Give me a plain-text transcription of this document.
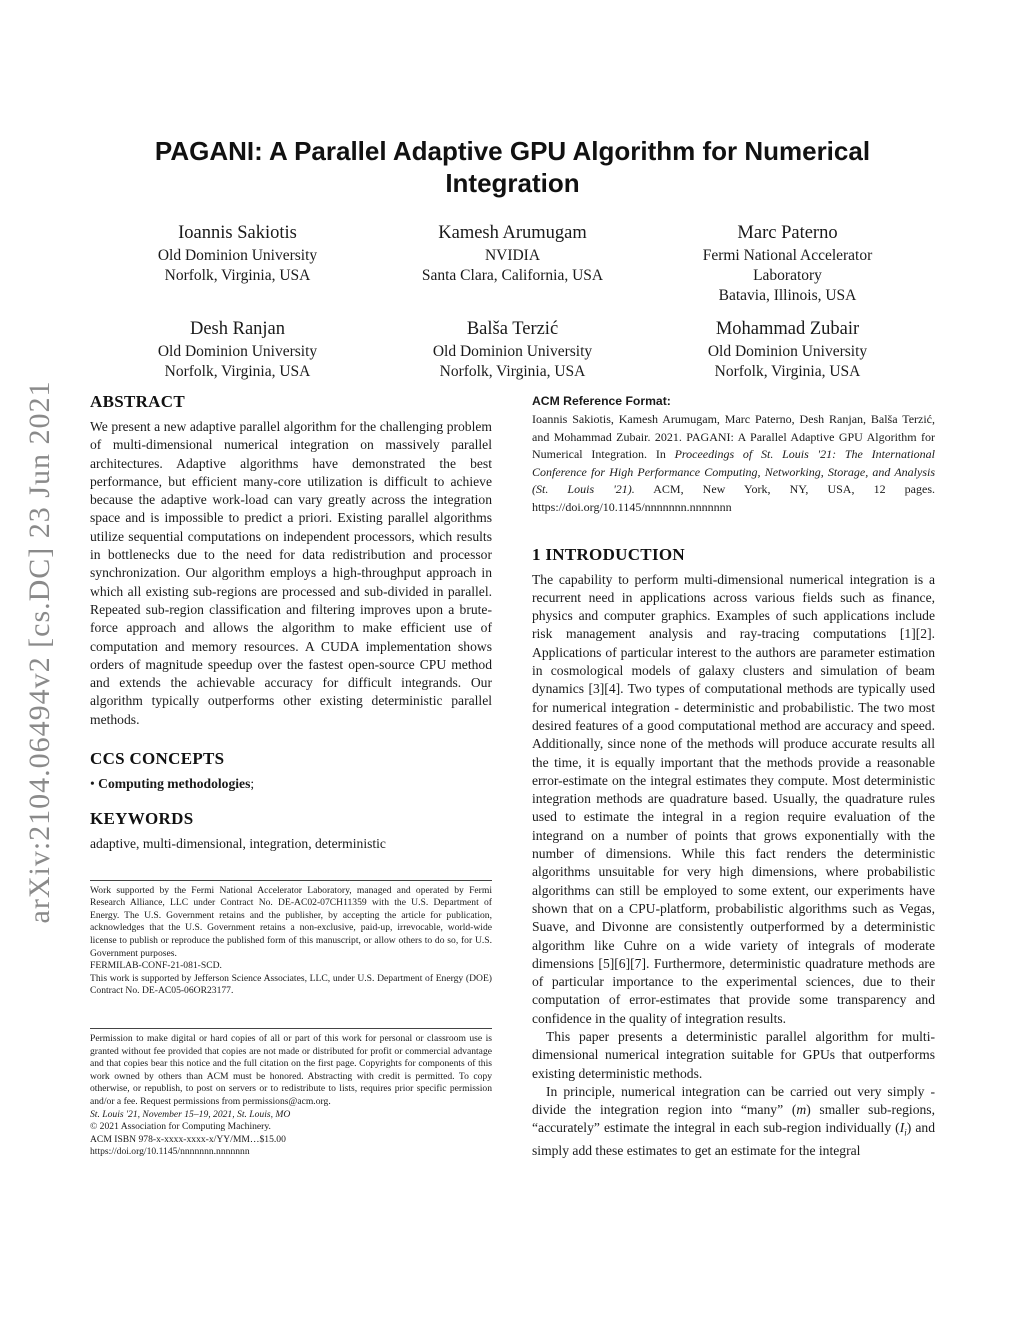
arXiv:2104.06494v2 [cs.DC] 23 Jun 2021
PAGANI: A Parallel Adaptive GPU Algorithm for Numerical Integration
Ioannis Sakiotis
Old Dominion University
Norfolk, Virginia, USA
Kamesh Arumugam
NVIDIA
Santa Clara, California, USA
Marc Paterno
Fermi National Accelerator
Laboratory
Batavia, Illinois, USA
Desh Ranjan
Old Dominion University
Norfolk, Virginia, USA
Balša Terzić
Old Dominion University
Norfolk, Virginia, USA
Mohammad Zubair
Old Dominion University
Norfolk, Virginia, USA
ABSTRACT

We present a new adaptive parallel algorithm for the challenging problem of multi-dimensional numerical integration on massively parallel architectures. Adaptive algorithms have demonstrated the best performance, but efficient many-core utilization is difficult to achieve because the adaptive work-load can vary greatly across the integration space and is impossible to predict a priori. Existing parallel algorithms utilize sequential computations on independent processors, which results in bottlenecks due to the need for data redistribution and processor synchronization. Our algorithm employs a high-throughput approach in which all existing sub-regions are processed and sub-divided in parallel. Repeated sub-region classification and filtering improves upon a brute-force approach and allows the algorithm to make efficient use of computation and memory resources. A CUDA implementation shows orders of magnitude speedup over the fastest open-source CPU method and extends the achievable accuracy for difficult integrands. Our algorithm typically outperforms other existing deterministic parallel methods.

CCS CONCEPTS

• Computing methodologies;

KEYWORDS

adaptive, multi-dimensional, integration, deterministic

Work supported by the Fermi National Accelerator Laboratory, managed and operated by Fermi Research Alliance, LLC under Contract No. DE-AC02-07CH11359 with the U.S. Department of Energy. The U.S. Government retains and the publisher, by accepting the article for publication, acknowledges that the U.S. Government retains a non-exclusive, paid-up, irrevocable, world-wide license to publish or reproduce the published form of this manuscript, or allow others to do so, for U.S. Government purposes.

FERMILAB-CONF-21-081-SCD.

This work is supported by Jefferson Science Associates, LLC, under U.S. Department of Energy (DOE) Contract No. DE-AC05-06OR23177.

Permission to make digital or hard copies of all or part of this work for personal or classroom use is granted without fee provided that copies are not made or distributed for profit or commercial advantage and that copies bear this notice and the full citation on the first page. Copyrights for components of this work owned by others than ACM must be honored. Abstracting with credit is permitted. To copy otherwise, or republish, to post on servers or to redistribute to lists, requires prior specific permission and/or a fee. Request permissions from permissions@acm.org.

St. Louis '21, November 15–19, 2021, St. Louis, MO

© 2021 Association for Computing Machinery.

ACM ISBN 978-x-xxxx-xxxx-x/YY/MM…$15.00

https://doi.org/10.1145/nnnnnnn.nnnnnnn

ACM Reference Format:

Ioannis Sakiotis, Kamesh Arumugam, Marc Paterno, Desh Ranjan, Balša Terzić, and Mohammad Zubair. 2021. PAGANI: A Parallel Adaptive GPU Algorithm for Numerical Integration. In Proceedings of St. Louis '21: The International Conference for High Performance Computing, Networking, Storage, and Analysis (St. Louis '21). ACM, New York, NY, USA, 12 pages. https://doi.org/10.1145/nnnnnnn.nnnnnnn

1 INTRODUCTION

The capability to perform multi-dimensional numerical integration is a recurrent need in applications across various fields such as finance, physics and computer graphics. Examples of such applications include risk management analysis and ray-tracing computations [1][2]. Applications of particular interest to the authors are parameter estimation in cosmological models of galaxy clusters and simulation of beam dynamics [3][4]. Two types of computational methods are typically used for numerical integration - deterministic and probabilistic. The two most desired features of a good computational method are accuracy and speed. Additionally, since none of the methods will produce accurate results all the time, it is equally important that the methods provide a reasonable error-estimate on the integral estimates they compute. Most deterministic integration methods are quadrature based. Usually, the quadrature rules used to estimate the integral in a region require evaluation of the integrand on a number of points that grows exponentially with the number of dimensions. While this fact renders the deterministic algorithms unsuitable for very high dimensions, where probabilistic algorithms can still be employed to some extent, our experiments have shown that on a CPU-platform, probabilistic algorithms such as Vegas, Suave, and Divonne are consistently outperformed by a deterministic algorithm like Cuhre on a wide variety of integrals of moderate dimensions [5][6][7]. Furthermore, deterministic quadrature methods are of particular importance to the experimental sciences, due to their computation of error-estimates that provide some transparency and confidence in the quality of integration results.

This paper presents a deterministic parallel algorithm for multi-dimensional numerical integration suitable for GPUs that outperforms existing deterministic methods.

In principle, numerical integration can be carried out very simply - divide the integration region into “many” (m) smaller sub-regions, “accurately” estimate the integral in each sub-region individually $(I_i)$ and simply add these estimates to get an estimate for the integral
